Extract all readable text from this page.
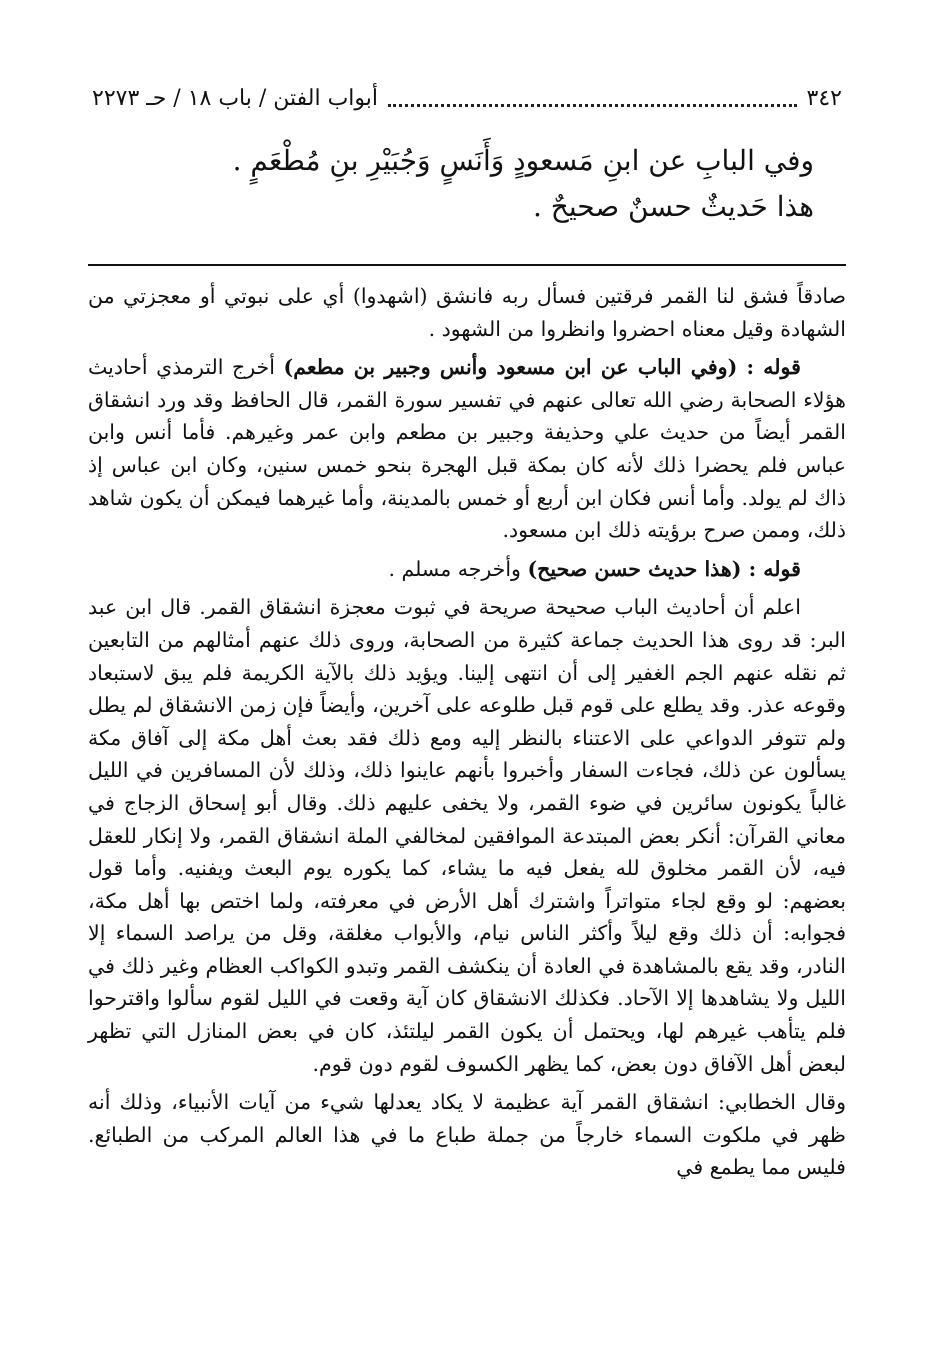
٣٤٢
أبواب الفتن / باب ١٨ / حـ ٢٢٧٣

وفي البابِ عن ابنِ مَسعودٍ وَأَنَسٍ وَجُبَيْرِ بنِ مُطْعَمٍ .

هذا حَديثٌ حسنٌ صحيحٌ .

صادقاً فشق لنا القمر فرقتين فسأل ربه فانشق (اشهدوا) أي على نبوتي أو معجزتي من الشهادة وقيل معناه احضروا وانظروا من الشهود .

قوله : (وفي الباب عن ابن مسعود وأنس وجبير بن مطعم) أخرج الترمذي أحاديث هؤلاء الصحابة رضي الله تعالى عنهم في تفسير سورة القمر، قال الحافظ وقد ورد انشقاق القمر أيضاً من حديث علي وحذيفة وجبير بن مطعم وابن عمر وغيرهم. فأما أنس وابن عباس فلم يحضرا ذلك لأنه كان بمكة قبل الهجرة بنحو خمس سنين، وكان ابن عباس إذ ذاك لم يولد. وأما أنس فكان ابن أربع أو خمس بالمدينة، وأما غيرهما فيمكن أن يكون شاهد ذلك، وممن صرح برؤيته ذلك ابن مسعود.

قوله : (هذا حديث حسن صحيح) وأخرجه مسلم .

اعلم أن أحاديث الباب صحيحة صريحة في ثبوت معجزة انشقاق القمر. قال ابن عبد البر: قد روى هذا الحديث جماعة كثيرة من الصحابة، وروى ذلك عنهم أمثالهم من التابعين ثم نقله عنهم الجم الغفير إلى أن انتهى إلينا. ويؤيد ذلك بالآية الكريمة فلم يبق لاستبعاد وقوعه عذر. وقد يطلع على قوم قبل طلوعه على آخرين، وأيضاً فإن زمن الانشقاق لم يطل ولم تتوفر الدواعي على الاعتناء بالنظر إليه ومع ذلك فقد بعث أهل مكة إلى آفاق مكة يسألون عن ذلك، فجاءت السفار وأخبروا بأنهم عاينوا ذلك، وذلك لأن المسافرين في الليل غالباً يكونون سائرين في ضوء القمر، ولا يخفى عليهم ذلك. وقال أبو إسحاق الزجاج في معاني القرآن: أنكر بعض المبتدعة الموافقين لمخالفي الملة انشقاق القمر، ولا إنكار للعقل فيه، لأن القمر مخلوق لله يفعل فيه ما يشاء، كما يكوره يوم البعث ويفنيه. وأما قول بعضهم: لو وقع لجاء متواتراً واشترك أهل الأرض في معرفته، ولما اختص بها أهل مكة، فجوابه: أن ذلك وقع ليلاً وأكثر الناس نيام، والأبواب مغلقة، وقل من يراصد السماء إلا النادر، وقد يقع بالمشاهدة في العادة أن ينكشف القمر وتبدو الكواكب العظام وغير ذلك في الليل ولا يشاهدها إلا الآحاد. فكذلك الانشقاق كان آية وقعت في الليل لقوم سألوا واقترحوا فلم يتأهب غيرهم لها، ويحتمل أن يكون القمر ليلتئذ، كان في بعض المنازل التي تظهر لبعض أهل الآفاق دون بعض، كما يظهر الكسوف لقوم دون قوم.

وقال الخطابي: انشقاق القمر آية عظيمة لا يكاد يعدلها شيء من آيات الأنبياء، وذلك أنه ظهر في ملكوت السماء خارجاً من جملة طباع ما في هذا العالم المركب من الطبائع. فليس مما يطمع في
